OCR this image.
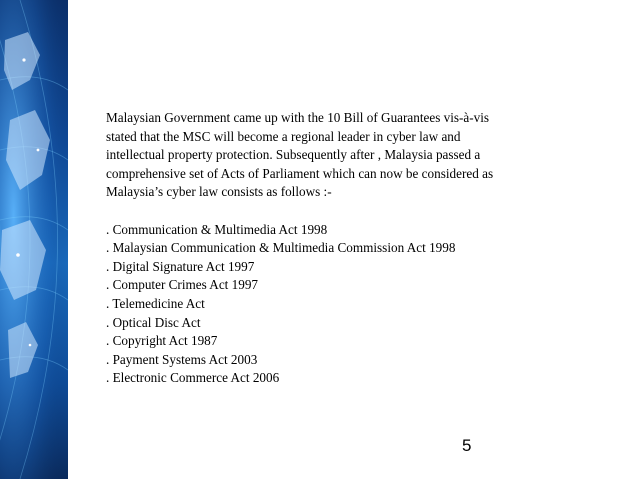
Malaysian Government came up with the 10 Bill of Guarantees vis-à-vis
stated that the MSC will become a regional leader in cyber law and
intellectual property protection. Subsequently after , Malaysia passed a
comprehensive set of Acts of Parliament which can now be considered as
Malaysia’s cyber law consists as follows :-
. Communication & Multimedia Act 1998
. Malaysian Communication & Multimedia Commission Act 1998
. Digital Signature Act 1997
. Computer Crimes Act 1997
. Telemedicine Act
. Optical Disc Act
. Copyright Act 1987
. Payment Systems Act 2003
. Electronic Commerce Act 2006
5
